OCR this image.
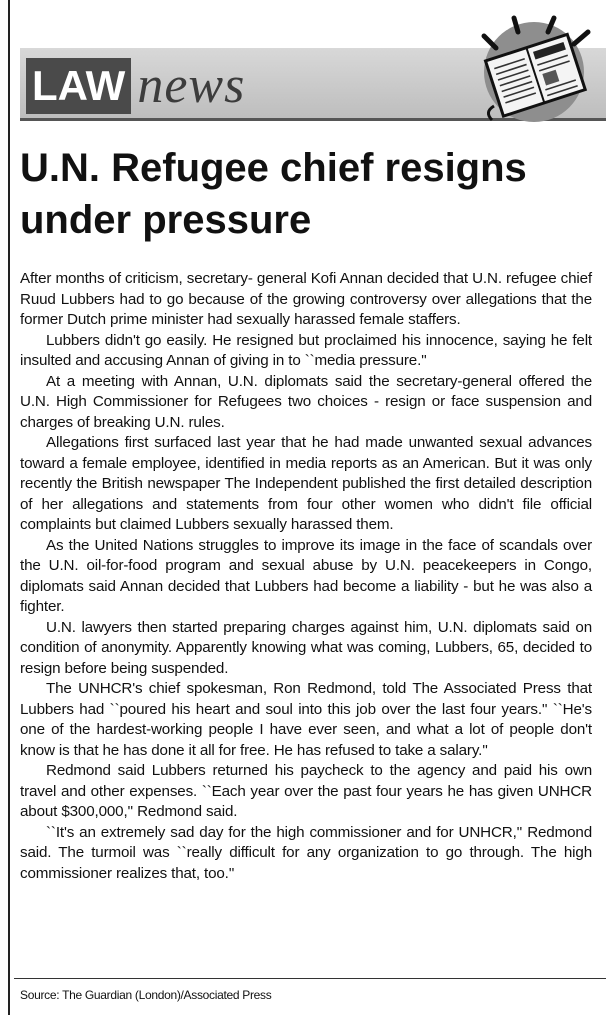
LAW news
U.N. Refugee chief resigns under pressure

After months of criticism, secretary- general Kofi Annan decided that U.N. refugee chief Ruud Lubbers had to go because of the growing controversy over allegations that the former Dutch prime minister had sexually harassed female staffers.

Lubbers didn't go easily. He resigned but proclaimed his innocence, saying he felt insulted and accusing Annan of giving in to ``media pressure.''

At a meeting with Annan, U.N. diplomats said the secretary-general offered the U.N. High Commissioner for Refugees two choices - resign or face suspension and charges of breaking U.N. rules.

Allegations first surfaced last year that he had made unwanted sexual advances toward a female employee, identified in media reports as an American. But it was only recently the British newspaper The Independent published the first detailed description of her allegations and statements from four other women who didn't file official complaints but claimed Lubbers sexually harassed them.

As the United Nations struggles to improve its image in the face of scandals over the U.N. oil-for-food program and sexual abuse by U.N. peacekeepers in Congo, diplomats said Annan decided that Lubbers had become a liability - but he was also a fighter.

U.N. lawyers then started preparing charges against him, U.N. diplomats said on condition of anonymity. Apparently knowing what was coming, Lubbers, 65, decided to resign before being suspended.

The UNHCR's chief spokesman, Ron Redmond, told The Associated Press that Lubbers had ``poured his heart and soul into this job over the last four years.'' ``He's one of the hardest-working people I have ever seen, and what a lot of people don't know is that he has done it all for free. He has refused to take a salary.''

Redmond said Lubbers returned his paycheck to the agency and paid his own travel and other expenses. ``Each year over the past four years he has given UNHCR about $300,000,'' Redmond said.

``It's an extremely sad day for the high commissioner and for UNHCR,'' Redmond said. The turmoil was ``really difficult for any organization to go through. The high commissioner realizes that, too.''

Source: The Guardian (London)/Associated Press
